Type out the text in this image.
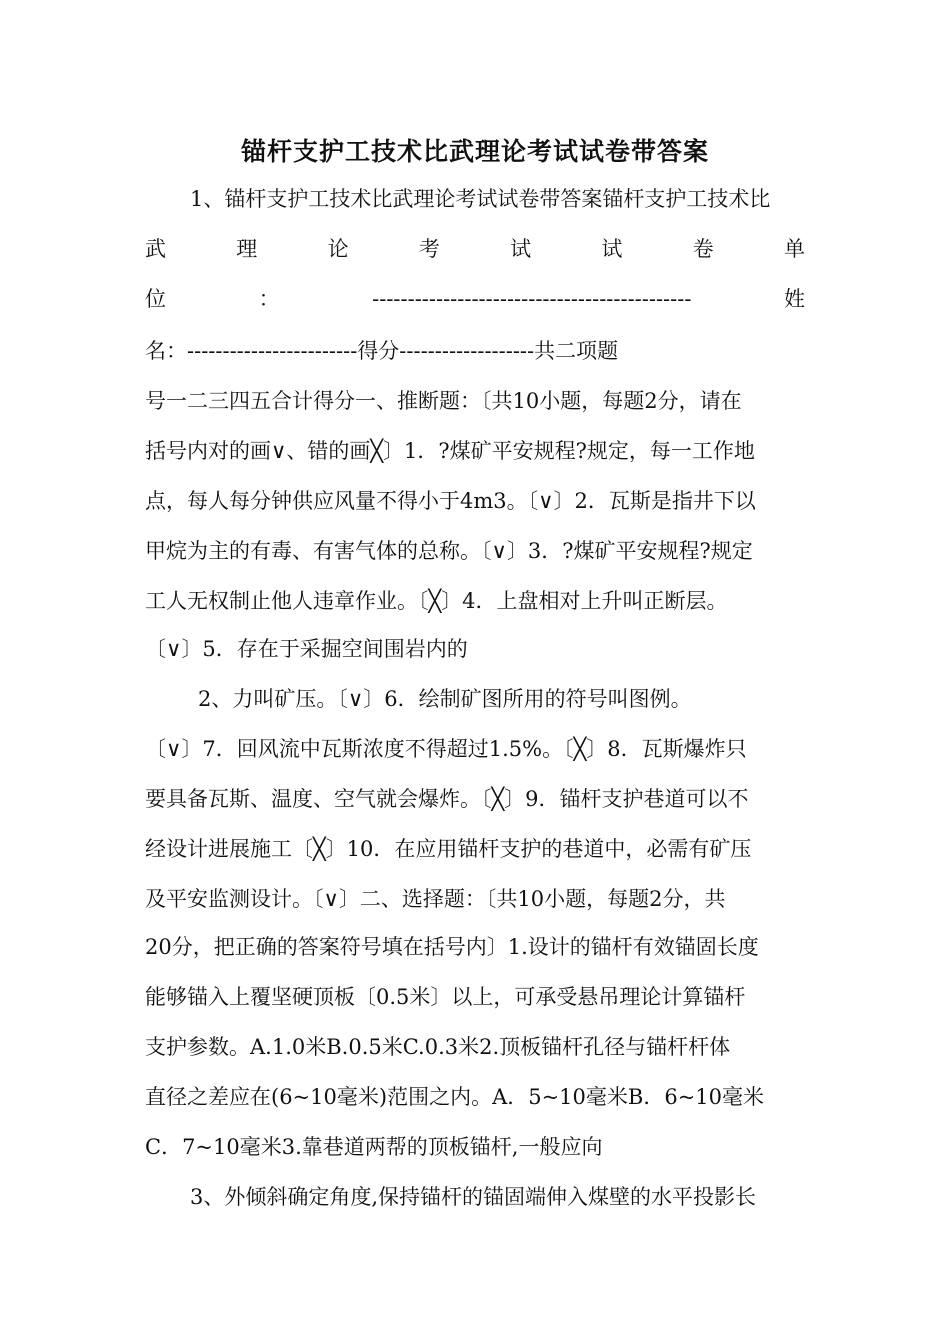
锚杆支护工技术比武理论考试试卷带答案
1、锚杆支护工技术比武理论考试试卷带答案锚杆支护工技术比
武	理	论	考	试	试	卷	单
位	：	---------------------------------------------	姓
名：------------------------得分-------------------共二项题
号一二三四五合计得分一、推断题：〔共10小题，每题2分，请在
括号内对的画∨、错的画╳〕1．?煤矿平安规程?规定，每一工作地
点，每人每分钟供应风量不得小于4m3。〔∨〕2．瓦斯是指井下以
甲烷为主的有毒、有害气体的总称。〔∨〕3．?煤矿平安规程?规定
工人无权制止他人违章作业。〔╳〕4．上盘相对上升叫正断层。
〔∨〕5．存在于采掘空间围岩内的
2、力叫矿压。〔∨〕6．绘制矿图所用的符号叫图例。
〔∨〕7．回风流中瓦斯浓度不得超过1.5%。〔╳〕8．瓦斯爆炸只
要具备瓦斯、温度、空气就会爆炸。〔╳〕9．锚杆支护巷道可以不
经设计进展施工〔╳〕10．在应用锚杆支护的巷道中，必需有矿压
及平安监测设计。〔∨〕二、选择题：〔共10小题，每题2分，共
20分，把正确的答案符号填在括号内〕1.设计的锚杆有效锚固长度
能够锚入上覆坚硬顶板〔0.5米〕以上，可承受悬吊理论计算锚杆
支护参数。A.1.0米B.0.5米C.0.3米2.顶板锚杆孔径与锚杆杆体
直径之差应在(6~10毫米)范围之内。A．5~10毫米B．6~10毫米
C．7~10毫米3.靠巷道两帮的顶板锚杆,一般应向
3、外倾斜确定角度,保持锚杆的锚固端伸入煤壁的水平投影长
